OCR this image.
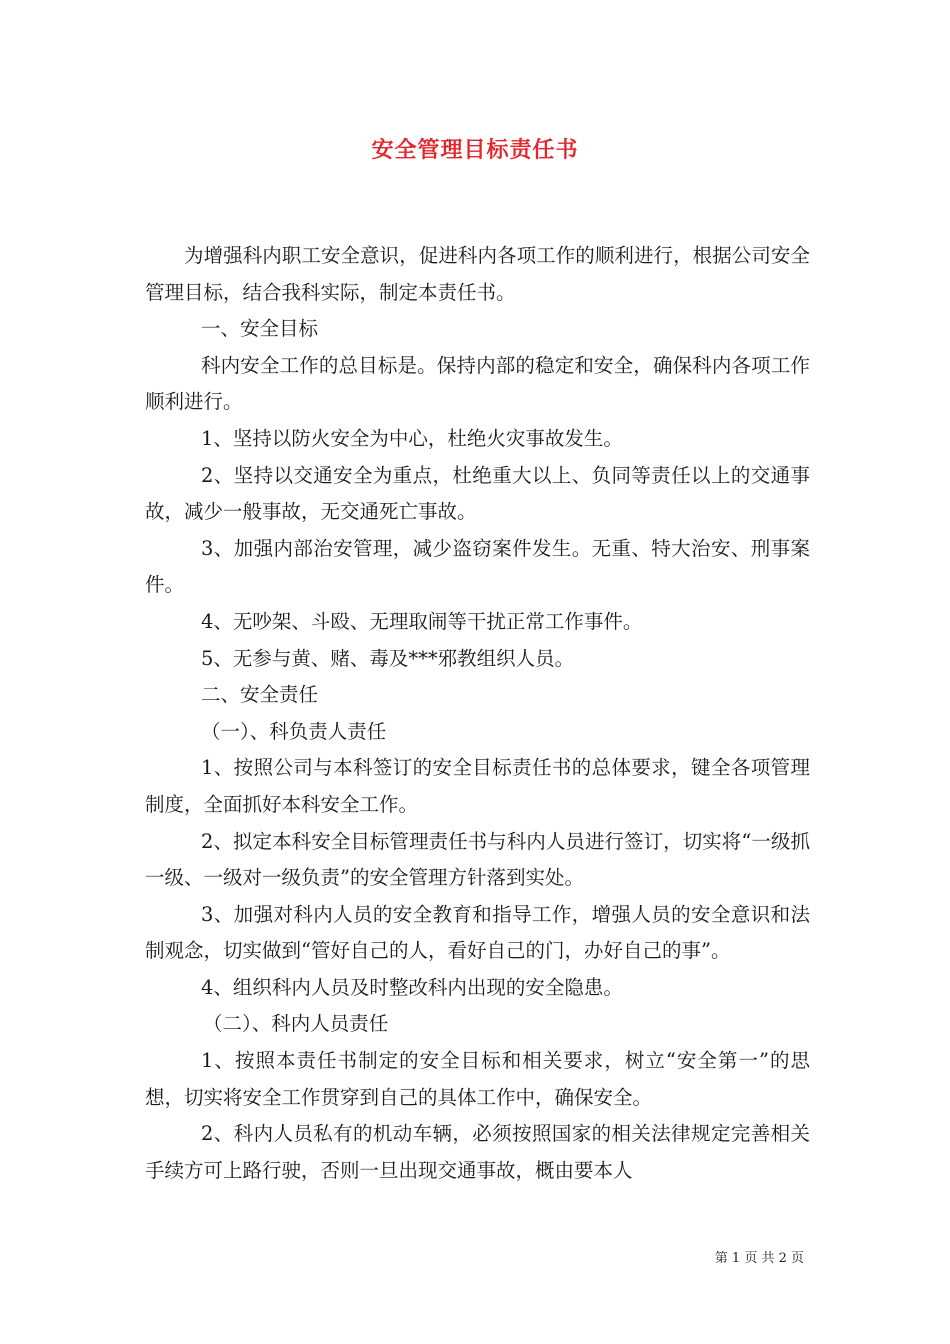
安全管理目标责任书

为增强科内职工安全意识，促进科内各项工作的顺利进行，根据公司安全管理目标，结合我科实际，制定本责任书。

一、安全目标

科内安全工作的总目标是。保持内部的稳定和安全，确保科内各项工作顺利进行。

1、坚持以防火安全为中心，杜绝火灾事故发生。

2、坚持以交通安全为重点，杜绝重大以上、负同等责任以上的交通事故，减少一般事故，无交通死亡事故。

3、加强内部治安管理，减少盗窃案件发生。无重、特大治安、刑事案件。

4、无吵架、斗殴、无理取闹等干扰正常工作事件。

5、无参与黄、赌、毒及***邪教组织人员。

二、安全责任

（一）、科负责人责任

1、按照公司与本科签订的安全目标责任书的总体要求，键全各项管理制度，全面抓好本科安全工作。

2、拟定本科安全目标管理责任书与科内人员进行签订，切实将“一级抓一级、一级对一级负责”的安全管理方针落到实处。

3、加强对科内人员的安全教育和指导工作，增强人员的安全意识和法制观念，切实做到“管好自己的人，看好自己的门，办好自己的事”。

4、组织科内人员及时整改科内出现的安全隐患。

（二）、科内人员责任

1、按照本责任书制定的安全目标和相关要求，树立“安全第一”的思想，切实将安全工作贯穿到自己的具体工作中，确保安全。

2、科内人员私有的机动车辆，必须按照国家的相关法律规定完善相关手续方可上路行驶，否则一旦出现交通事故，概由要本人

第 1 页 共 2 页
